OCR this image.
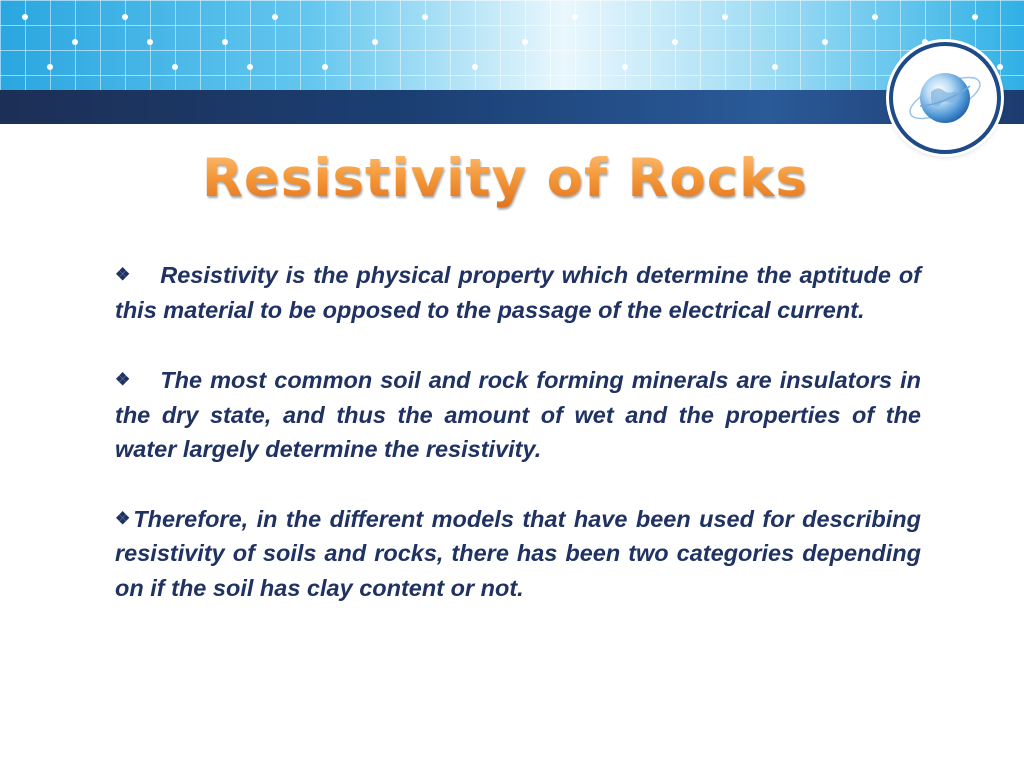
Resistivity of Rocks

❖ Resistivity is the physical property which determine the aptitude of this material to be opposed to the passage of the electrical current.

❖ The most common soil and rock forming minerals are insulators in the dry state, and thus the amount of wet and the properties of the water largely determine the resistivity.

❖ Therefore, in the different models that have been used for describing resistivity of soils and rocks, there has been two categories depending on if the soil has clay content or not.
